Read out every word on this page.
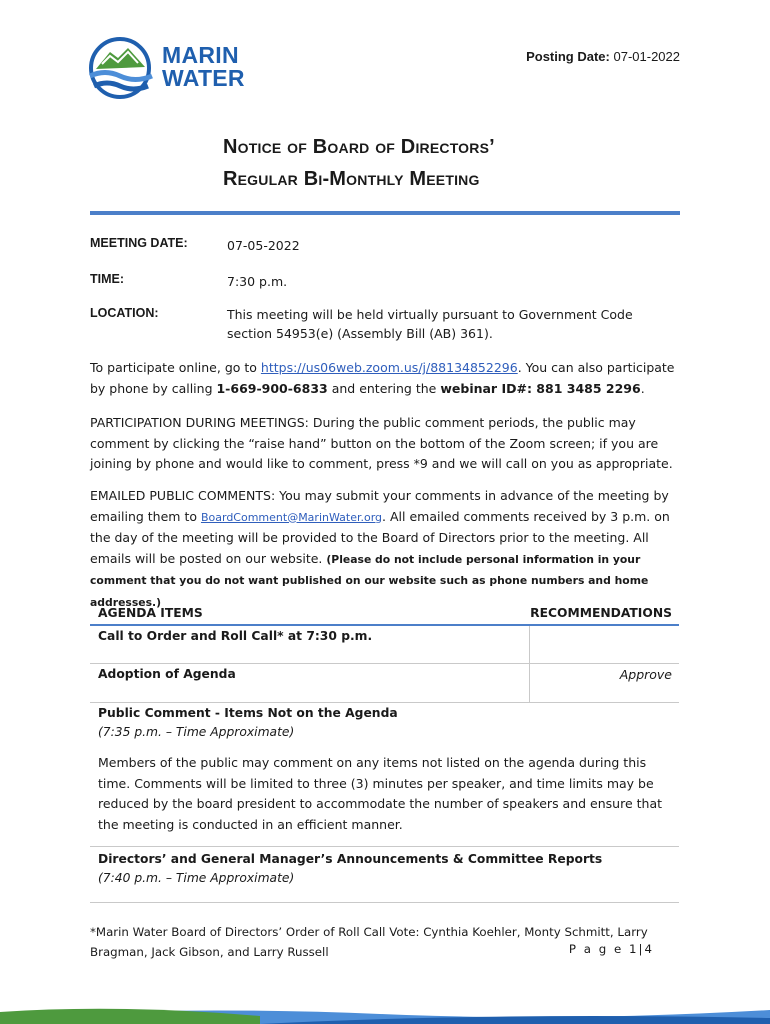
MARIN
WATER
Posting Date: 07-01-2022
Notice of Board of Directors’
Regular Bi-Monthly Meeting
MEETING DATE:	07-05-2022
TIME:	7:30 p.m.
LOCATION:	This meeting will be held virtually pursuant to Government Code section 54953(e) (Assembly Bill (AB) 361).
To participate online, go to https://us06web.zoom.us/j/88134852296. You can also participate by phone by calling 1-669-900-6833 and entering the webinar ID#: 881 3485 2296.
PARTICIPATION DURING MEETINGS: During the public comment periods, the public may comment by clicking the “raise hand” button on the bottom of the Zoom screen; if you are joining by phone and would like to comment, press *9 and we will call on you as appropriate.
EMAILED PUBLIC COMMENTS: You may submit your comments in advance of the meeting by emailing them to BoardComment@MarinWater.org. All emailed comments received by 3 p.m. on the day of the meeting will be provided to the Board of Directors prior to the meeting. All emails will be posted on our website. (Please do not include personal information in your comment that you do not want published on our website such as phone numbers and home addresses.)
AGENDA ITEMS	RECOMMENDATIONS
Call to Order and Roll Call* at 7:30 p.m.
Adoption of Agenda	Approve
Public Comment - Items Not on the Agenda
(7:35 p.m. – Time Approximate)
Members of the public may comment on any items not listed on the agenda during this time. Comments will be limited to three (3) minutes per speaker, and time limits may be reduced by the board president to accommodate the number of speakers and ensure that the meeting is conducted in an efficient manner.
Directors’ and General Manager’s Announcements & Committee Reports
(7:40 p.m. – Time Approximate)
*Marin Water Board of Directors’ Order of Roll Call Vote: Cynthia Koehler, Monty Schmitt, Larry Bragman, Jack Gibson, and Larry Russell	P a g e 1|4
